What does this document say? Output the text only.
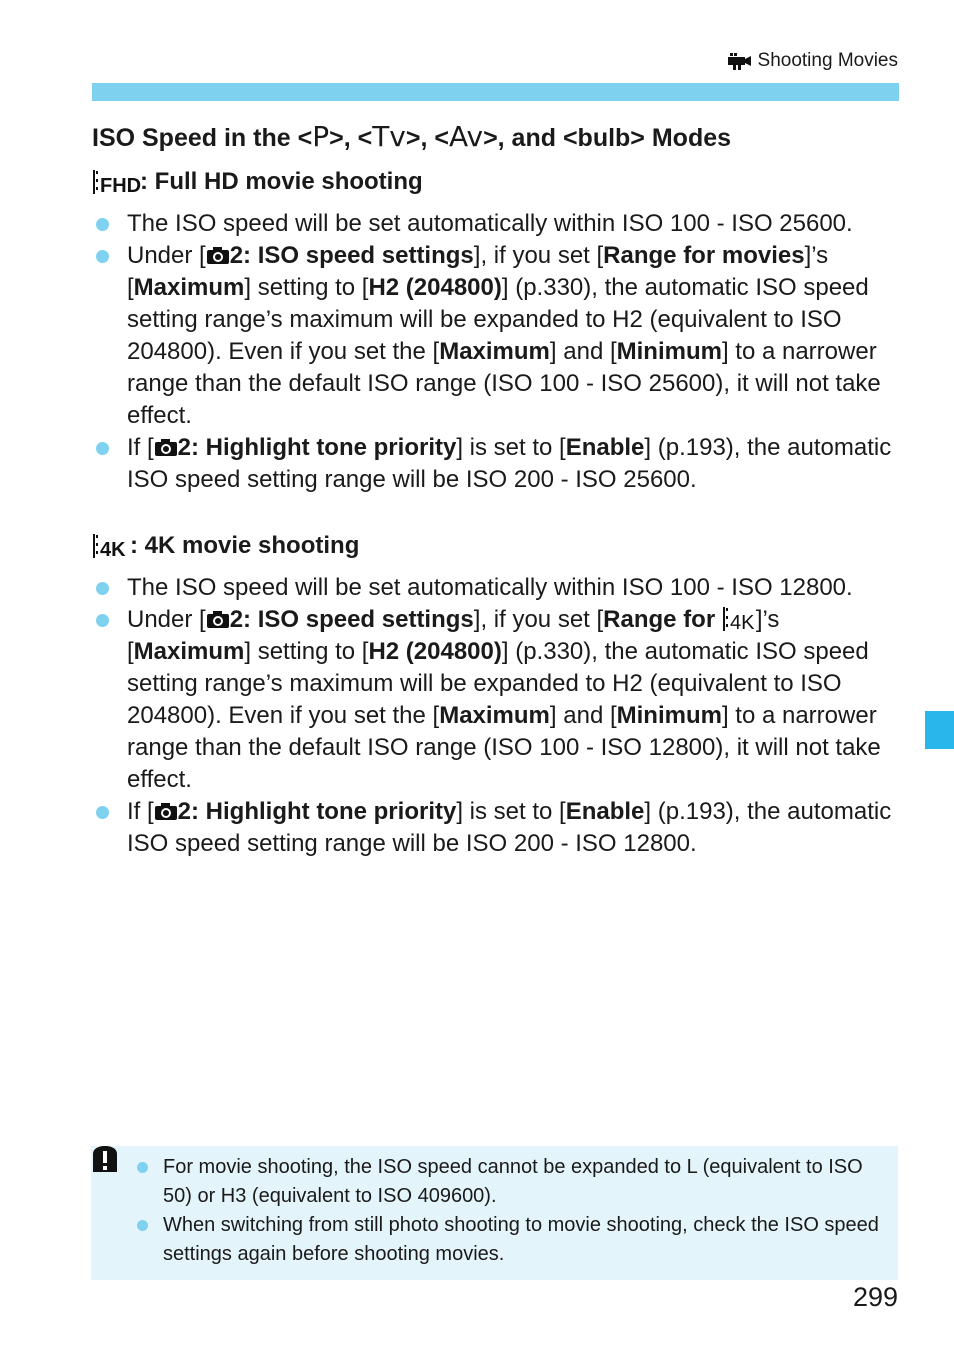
Shooting Movies
ISO Speed in the <P>, <Tv>, <Av>, and <bulb> Modes
FHD
: Full HD movie shooting
The ISO speed will be set automatically within ISO 100 - ISO 25600.
Under [ 2: ISO speed settings], if you set [Range for movies]’s [Maximum] setting to [H2 (204800)] (p.330), the automatic ISO speed setting range’s maximum will be expanded to H2 (equivalent to ISO 204800). Even if you set the [Maximum] and [Minimum] to a narrower range than the default ISO range (ISO 100 - ISO 25600), it will not take effect.
If [ 2: Highlight tone priority] is set to [Enable] (p.193), the automatic ISO speed setting range will be ISO 200 - ISO 25600.
4K : 4K movie shooting
The ISO speed will be set automatically within ISO 100 - ISO 12800.
Under [ 2: ISO speed settings], if you set [Range for 4K ]’s [Maximum] setting to [H2 (204800)] (p.330), the automatic ISO speed setting range’s maximum will be expanded to H2 (equivalent to ISO 204800). Even if you set the [Maximum] and [Minimum] to a narrower range than the default ISO range (ISO 100 - ISO 12800), it will not take effect.
If [ 2: Highlight tone priority] is set to [Enable] (p.193), the automatic ISO speed setting range will be ISO 200 - ISO 12800.
For movie shooting, the ISO speed cannot be expanded to L (equivalent to ISO 50) or H3 (equivalent to ISO 409600).
When switching from still photo shooting to movie shooting, check the ISO speed settings again before shooting movies.
299
